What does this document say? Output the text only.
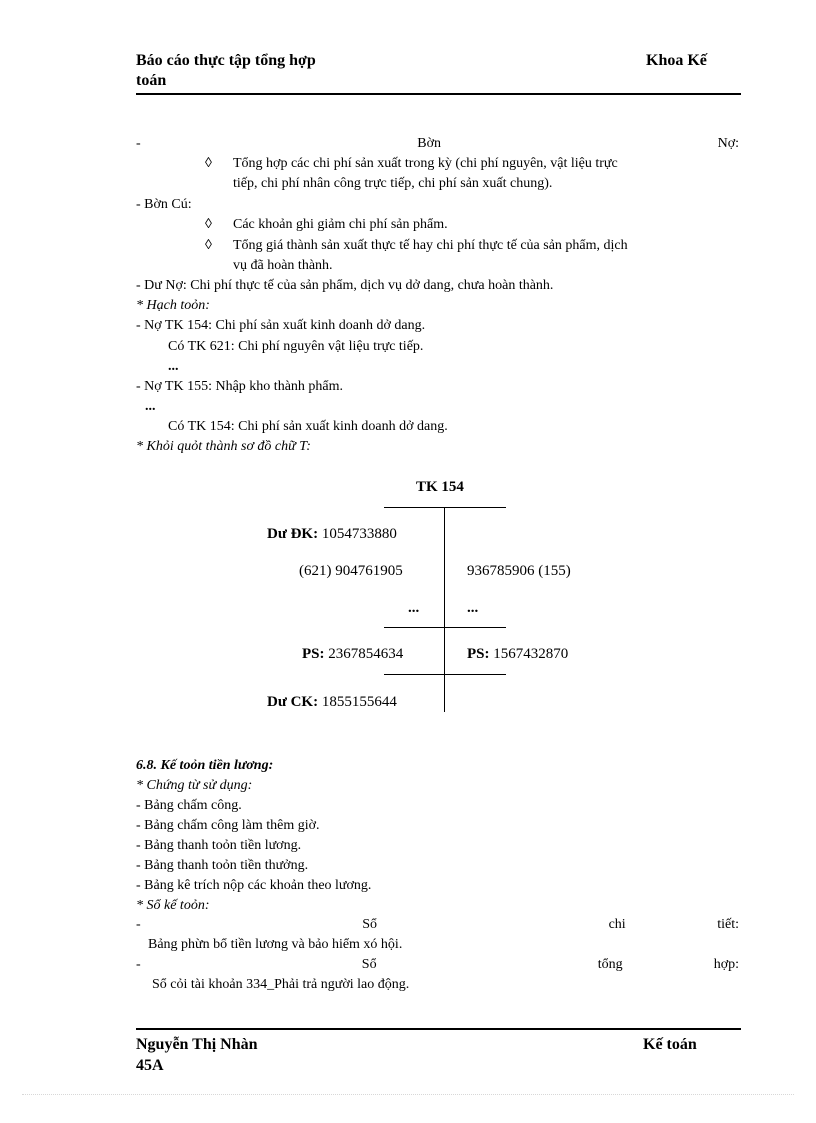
Báo cáo thực tập tổng hợp
toán
Khoa Kế
-	Bờn	Nợ:
◊ Tổng hợp các chi phí sản xuất trong kỳ (chi phí nguyên, vật liệu trực
tiếp, chi phí nhân công trực tiếp, chi phí sản xuất chung).
- Bờn Cú:
◊ Các khoản ghi giảm chi phí sản phẩm.
◊ Tổng giá thành sản xuất thực tế hay chi phí thực tế của sản phẩm, dịch
vụ đã hoàn thành.
- Dư Nợ: Chi phí thực tế của sản phẩm, dịch vụ dở dang, chưa hoàn thành.
* Hạch toỏn:
- Nợ TK 154: Chi phí sản xuất kinh doanh dở dang.
Có TK 621: Chi phí nguyên vật liệu trực tiếp.
...
- Nợ TK 155: Nhập kho thành phẩm.
...
Có TK 154: Chi phí sản xuất kinh doanh dở dang.
* Khỏi quỏt thành sơ đồ chữ T:
TK 154
Dư ĐK: 1054733880
(621) 904761905	936785906 (155)
...	...
PS: 2367854634	PS: 1567432870
Dư CK: 1855155644
6.8. Kế toỏn tiền lương:
* Chứng từ sử dụng:
- Bảng chấm công.
- Bảng chấm công làm thêm giờ.
- Bảng thanh toỏn tiền lương.
- Bảng thanh toỏn tiền thưởng.
- Bảng kê trích nộp các khoản theo lương.
* Sổ kế toỏn:
-	Sổ	chi	tiết:
Bảng phừn bổ tiền lương và bảo hiểm xó hội.
-	Sổ	tổng	hợp:
Sổ cỏi tài khoản 334_Phải trả người lao động.
Nguyễn Thị Nhàn
45A
Kế toán
